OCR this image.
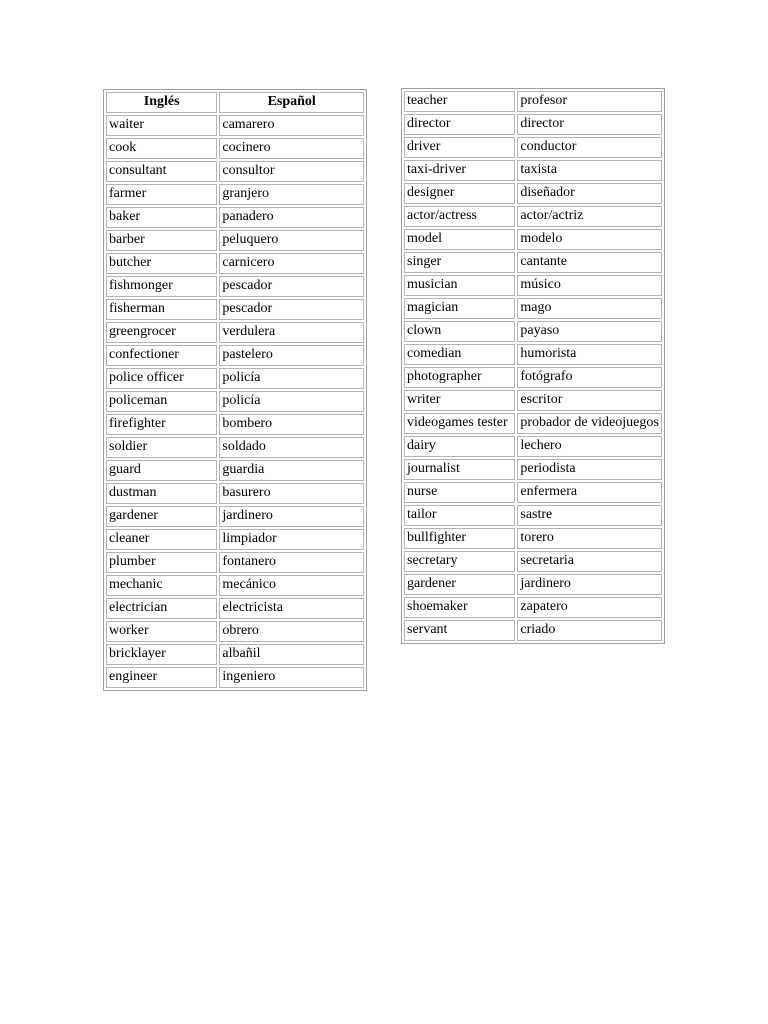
Inglés	Español
waiter	camarero
cook	cocinero
consultant	consultor
farmer	granjero
baker	panadero
barber	peluquero
butcher	carnicero
fishmonger	pescador
fisherman	pescador
greengrocer	verdulera
confectioner	pastelero
police officer	policía
policeman	policía
firefighter	bombero
soldier	soldado
guard	guardia
dustman	basurero
gardener	jardinero
cleaner	limpiador
plumber	fontanero
mechanic	mecánico
electrician	electricista
worker	obrero
bricklayer	albañil
engineer	ingeniero
teacher	profesor
director	director
driver	conductor
taxi-driver	taxista
designer	diseñador
actor/actress	actor/actriz
model	modelo
singer	cantante
musician	músico
magician	mago
clown	payaso
comedian	humorista
photographer	fotógrafo
writer	escritor
videogames tester	probador de videojuegos
dairy	lechero
journalist	periodista
nurse	enfermera
tailor	sastre
bullfighter	torero
secretary	secretaria
gardener	jardinero
shoemaker	zapatero
servant	criado
